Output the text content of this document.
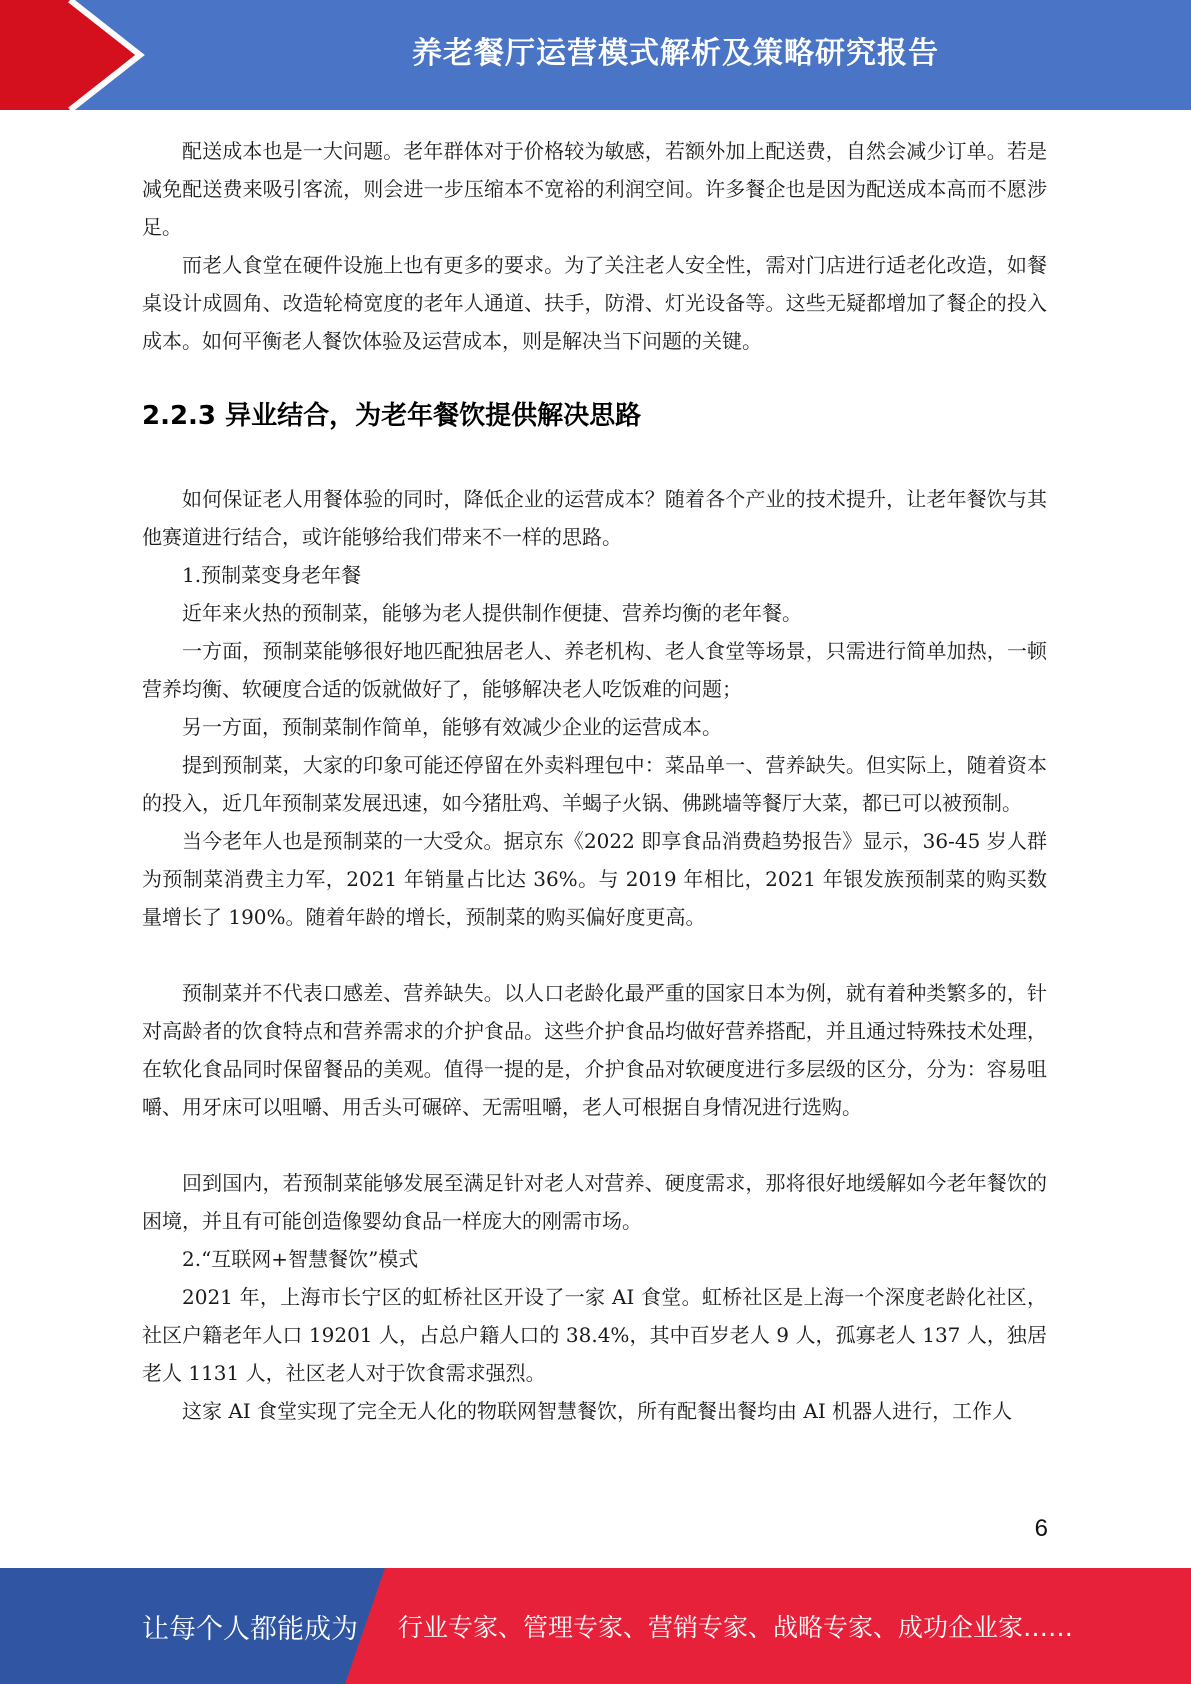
养老餐厅运营模式解析及策略研究报告

配送成本也是一大问题。老年群体对于价格较为敏感，若额外加上配送费，自然会减少订单。若是减免配送费来吸引客流，则会进一步压缩本不宽裕的利润空间。许多餐企也是因为配送成本高而不愿涉足。

而老人食堂在硬件设施上也有更多的要求。为了关注老人安全性，需对门店进行适老化改造，如餐桌设计成圆角、改造轮椅宽度的老年人通道、扶手，防滑、灯光设备等。这些无疑都增加了餐企的投入成本。如何平衡老人餐饮体验及运营成本，则是解决当下问题的关键。

2.2.3 异业结合，为老年餐饮提供解决思路

如何保证老人用餐体验的同时，降低企业的运营成本？随着各个产业的技术提升，让老年餐饮与其他赛道进行结合，或许能够给我们带来不一样的思路。

1.预制菜变身老年餐

近年来火热的预制菜，能够为老人提供制作便捷、营养均衡的老年餐。

一方面，预制菜能够很好地匹配独居老人、养老机构、老人食堂等场景，只需进行简单加热，一顿营养均衡、软硬度合适的饭就做好了，能够解决老人吃饭难的问题；

另一方面，预制菜制作简单，能够有效减少企业的运营成本。

提到预制菜，大家的印象可能还停留在外卖料理包中：菜品单一、营养缺失。但实际上，随着资本的投入，近几年预制菜发展迅速，如今猪肚鸡、羊蝎子火锅、佛跳墙等餐厅大菜，都已可以被预制。

当今老年人也是预制菜的一大受众。据京东《2022 即享食品消费趋势报告》显示，36-45 岁人群为预制菜消费主力军，2021 年销量占比达 36%。与 2019 年相比，2021 年银发族预制菜的购买数量增长了 190%。随着年龄的增长，预制菜的购买偏好度更高。

预制菜并不代表口感差、营养缺失。以人口老龄化最严重的国家日本为例，就有着种类繁多的，针对高龄者的饮食特点和营养需求的介护食品。这些介护食品均做好营养搭配，并且通过特殊技术处理，在软化食品同时保留餐品的美观。值得一提的是，介护食品对软硬度进行多层级的区分，分为：容易咀嚼、用牙床可以咀嚼、用舌头可碾碎、无需咀嚼，老人可根据自身情况进行选购。

回到国内，若预制菜能够发展至满足针对老人对营养、硬度需求，那将很好地缓解如今老年餐饮的困境，并且有可能创造像婴幼食品一样庞大的刚需市场。

2.“互联网+智慧餐饮”模式

2021 年，上海市长宁区的虹桥社区开设了一家 AI 食堂。虹桥社区是上海一个深度老龄化社区，社区户籍老年人口 19201 人，占总户籍人口的 38.4%，其中百岁老人 9 人，孤寡老人 137 人，独居老人 1131 人，社区老人对于饮食需求强烈。

这家 AI 食堂实现了完全无人化的物联网智慧餐饮，所有配餐出餐均由 AI 机器人进行，工作人

6
让每个人都能成为 行业专家、管理专家、营销专家、战略专家、成功企业家……
